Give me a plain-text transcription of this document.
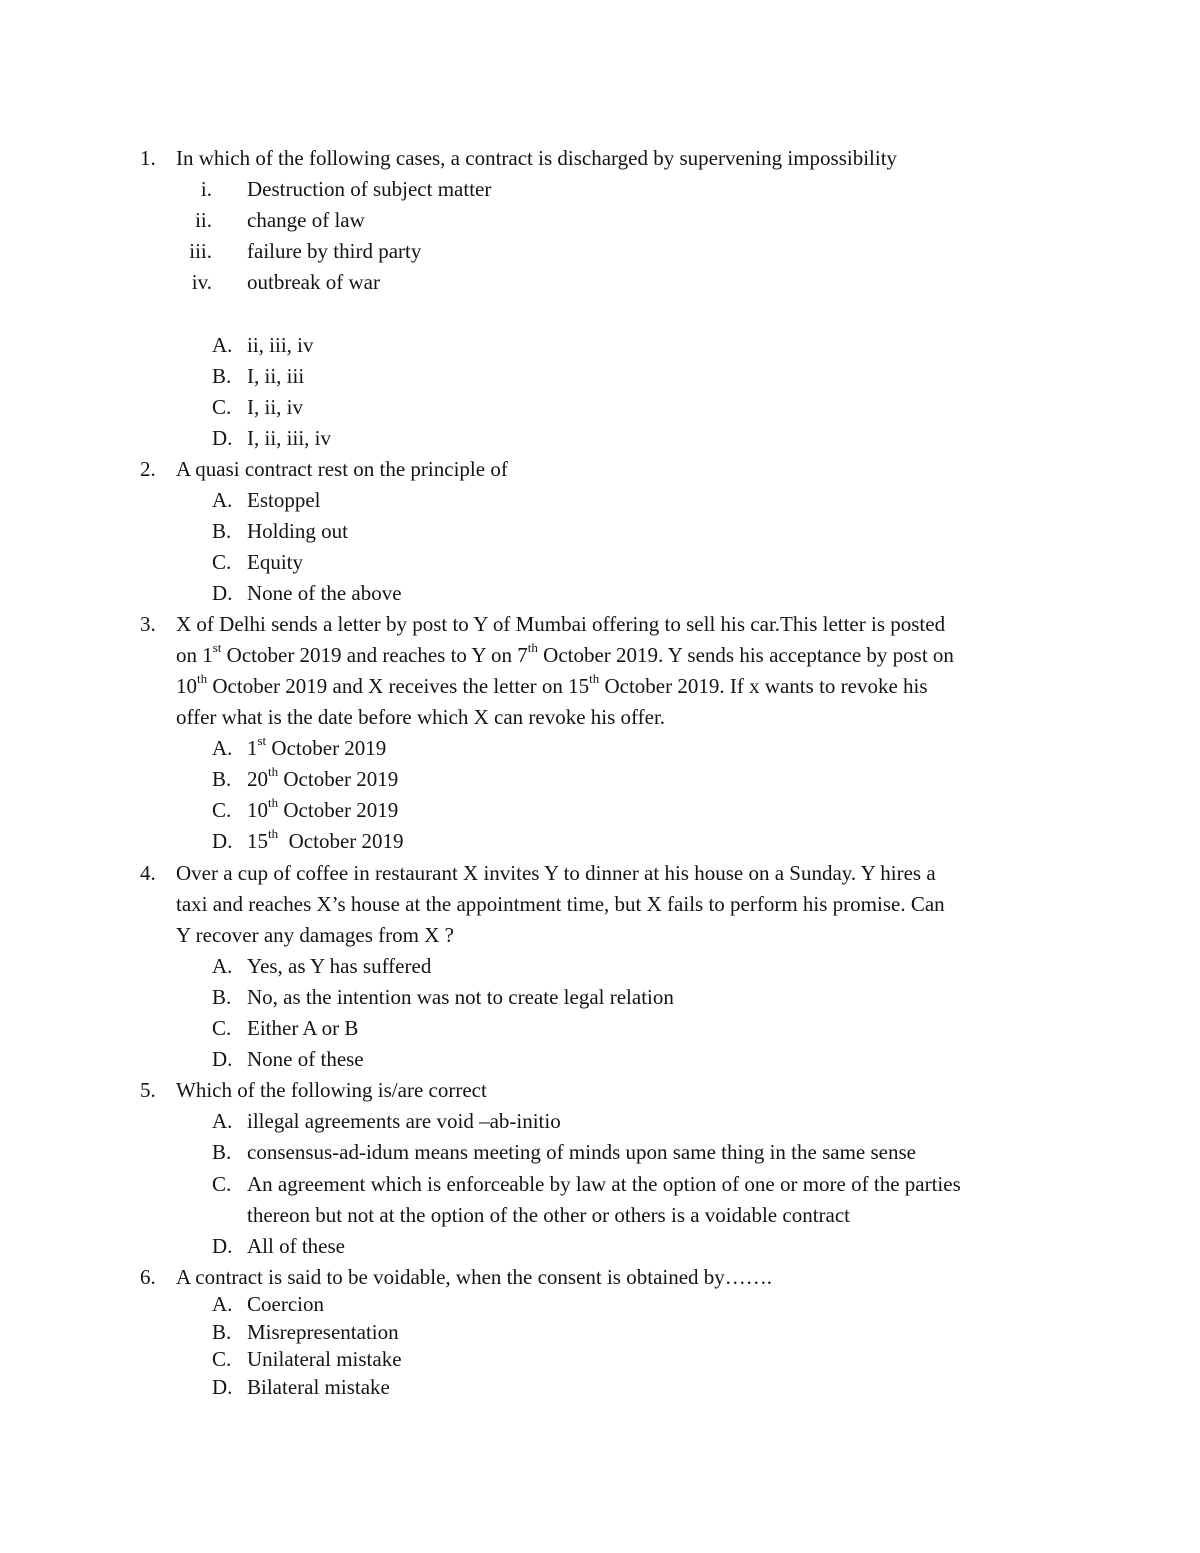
1. In which of the following cases, a contract is discharged by supervening impossibility
i. Destruction of subject matter
ii. change of law
iii. failure by third party
iv. outbreak of war
A. ii, iii, iv
B. I, ii, iii
C. I, ii, iv
D. I, ii, iii, iv
2. A quasi contract rest on the principle of
A. Estoppel
B. Holding out
C. Equity
D. None of the above
3. X of Delhi sends a letter by post to Y of Mumbai offering to sell his car.This letter is posted
on 1st October 2019 and reaches to Y on 7th October 2019. Y sends his acceptance by post on
10th October 2019 and X receives the letter on 15th October 2019. If x wants to revoke his
offer what is the date before which X can revoke his offer.
A. 1st October 2019
B. 20th October 2019
C. 10th October 2019
D. 15th  October 2019
4. Over a cup of coffee in restaurant X invites Y to dinner at his house on a Sunday. Y hires a
taxi and reaches X’s house at the appointment time, but X fails to perform his promise. Can
Y recover any damages from X ?
A. Yes, as Y has suffered
B. No, as the intention was not to create legal relation
C. Either A or B
D. None of these
5. Which of the following is/are correct
A. illegal agreements are void –ab-initio
B. consensus-ad-idum means meeting of minds upon same thing in the same sense
C. An agreement which is enforceable by law at the option of one or more of the parties
thereon but not at the option of the other or others is a voidable contract
D. All of these
6. A contract is said to be voidable, when the consent is obtained by…….
A. Coercion
B. Misrepresentation
C. Unilateral mistake
D. Bilateral mistake
